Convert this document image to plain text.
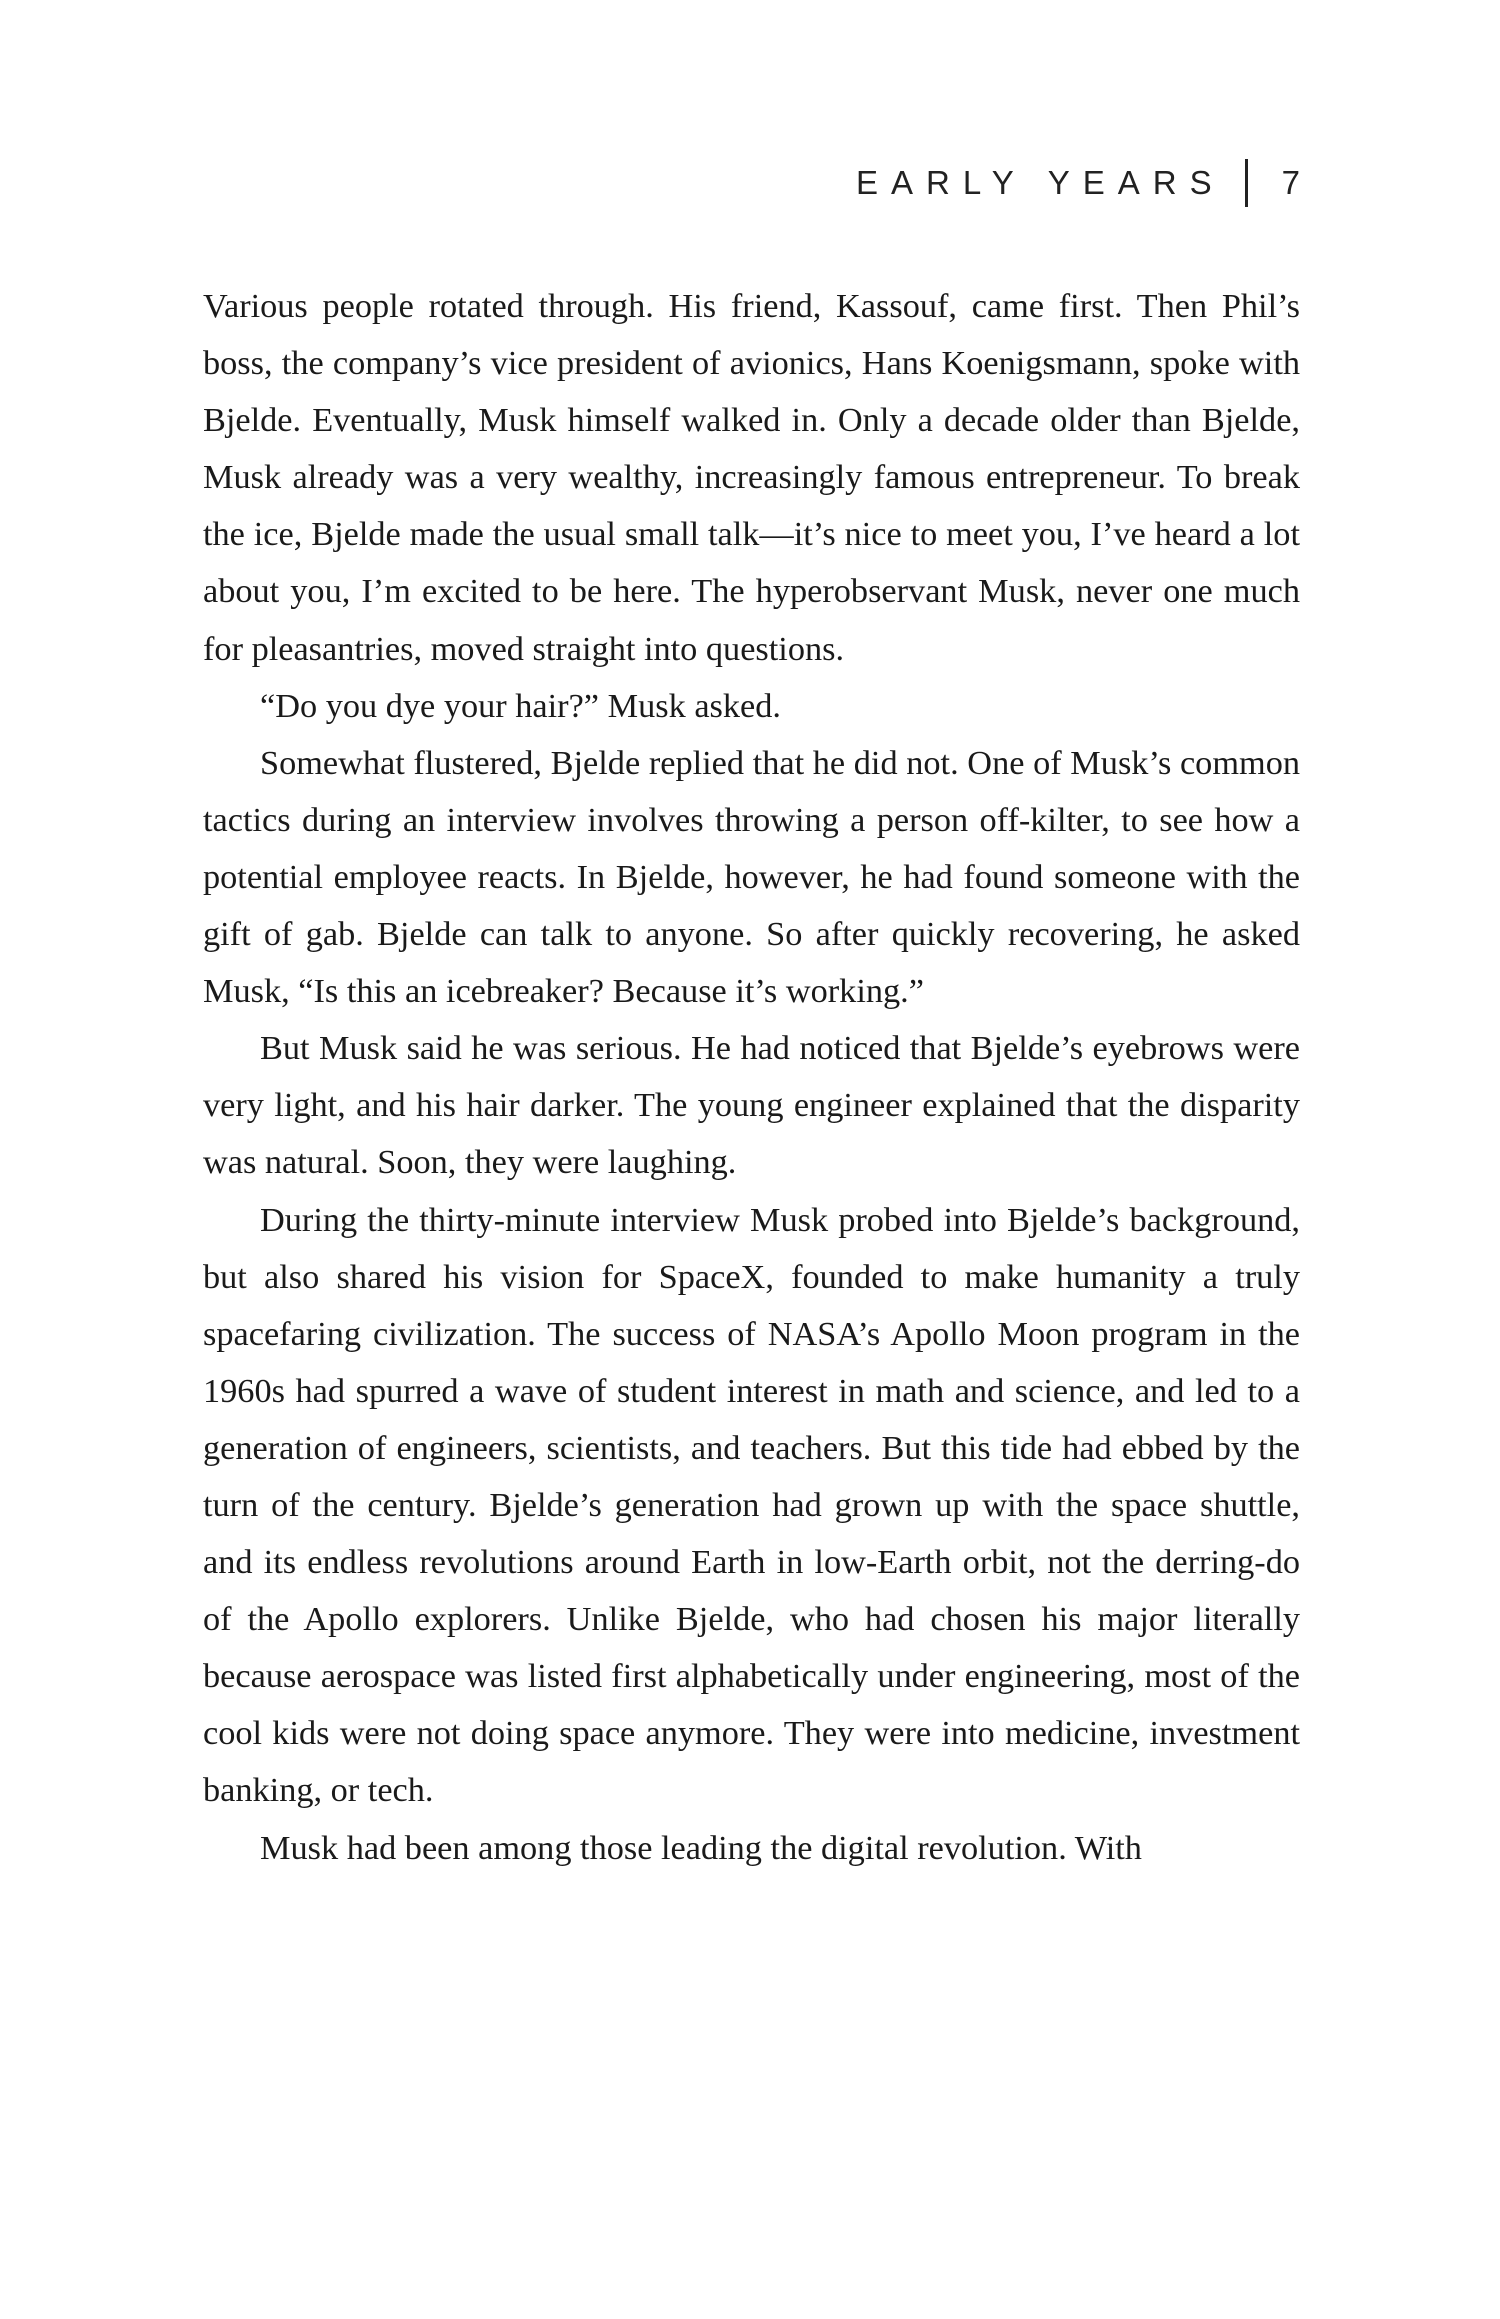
EARLY YEARS 7

Various people rotated through. His friend, Kassouf, came first. Then Phil’s boss, the company’s vice president of avionics, Hans Koenigsmann, spoke with Bjelde. Eventually, Musk himself walked in. Only a decade older than Bjelde, Musk already was a very wealthy, increasingly famous entrepreneur. To break the ice, Bjelde made the usual small talk—it’s nice to meet you, I’ve heard a lot about you, I’m excited to be here. The hyperobservant Musk, never one much for pleasantries, moved straight into questions.

“Do you dye your hair?” Musk asked.

Somewhat flustered, Bjelde replied that he did not. One of Musk’s common tactics during an interview involves throwing a person off-kilter, to see how a potential employee reacts. In Bjelde, however, he had found someone with the gift of gab. Bjelde can talk to anyone. So after quickly recovering, he asked Musk, “Is this an icebreaker? Because it’s working.”

But Musk said he was serious. He had noticed that Bjelde’s eyebrows were very light, and his hair darker. The young engineer explained that the disparity was natural. Soon, they were laughing.

During the thirty-minute interview Musk probed into Bjelde’s background, but also shared his vision for SpaceX, founded to make humanity a truly spacefaring civilization. The success of NASA’s Apollo Moon program in the 1960s had spurred a wave of student interest in math and science, and led to a generation of engineers, scientists, and teachers. But this tide had ebbed by the turn of the century. Bjelde’s generation had grown up with the space shuttle, and its endless revolutions around Earth in low-Earth orbit, not the derring-do of the Apollo explorers. Unlike Bjelde, who had chosen his major literally because aerospace was listed first alphabetically under engineering, most of the cool kids were not doing space anymore. They were into medicine, investment banking, or tech.

Musk had been among those leading the digital revolution. With
